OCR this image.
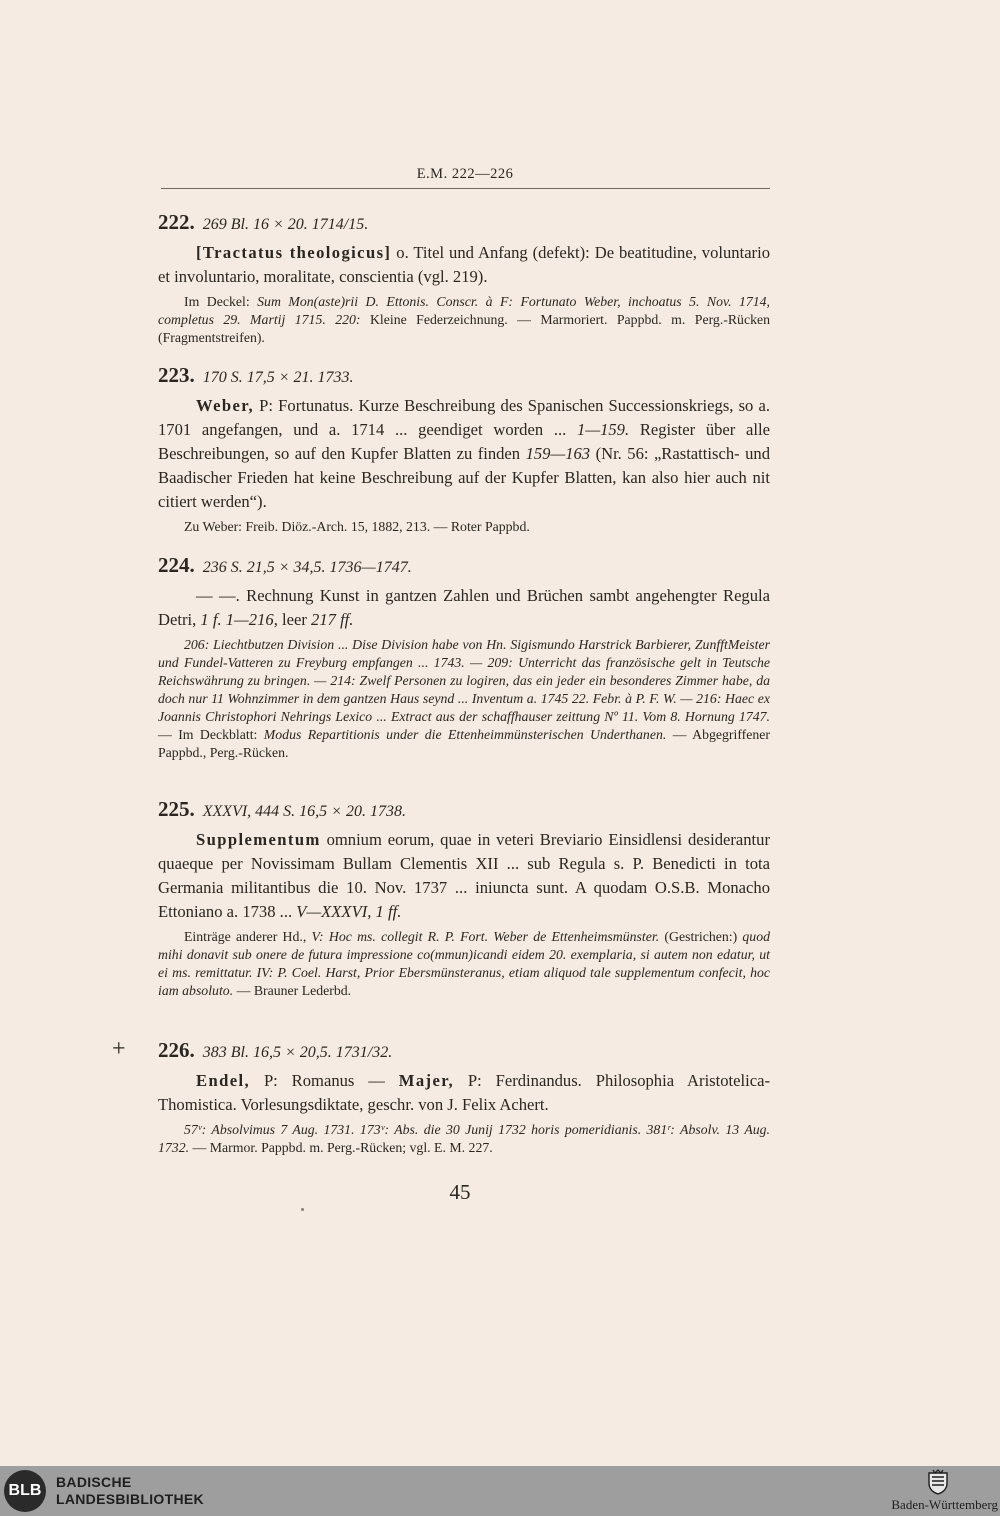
E.M. 222—226
222. 269 Bl. 16 × 20. 1714/15.
[Tractatus theologicus] o. Titel und Anfang (defekt): De beatitudine, voluntario et involuntario, moralitate, conscientia (vgl. 219).
Im Deckel: Sum Mon(aste)rii D. Ettonis. Conscr. à F: Fortunato Weber, inchoatus 5. Nov. 1714, completus 29. Martij 1715. 220: Kleine Federzeichnung. — Marmoriert. Pappbd. m. Perg.-Rücken (Fragmentstreifen).
223. 170 S. 17,5 × 21. 1733.
Weber, P: Fortunatus. Kurze Beschreibung des Spanischen Successionskriegs, so a. 1701 angefangen, und a. 1714 ... geendiget worden ... 1—159. Register über alle Beschreibungen, so auf den Kupfer Blatten zu finden 159—163 (Nr. 56: „Rastattisch- und Baadischer Frieden hat keine Beschreibung auf der Kupfer Blatten, kan also hier auch nit citiert werden“).
Zu Weber: Freib. Diöz.-Arch. 15, 1882, 213. — Roter Pappbd.
224. 236 S. 21,5 × 34,5. 1736—1747.
— —. Rechnung Kunst in gantzen Zahlen und Brüchen sambt angehengter Regula Detri, 1 f. 1—216, leer 217 ff.
206: Liechtbutzen Division ... Dise Division habe von Hn. Sigismundo Harstrick Barbierer, ZunfftMeister und Fundel-Vatteren zu Freyburg empfangen ... 1743. — 209: Unterricht das französische gelt in Teutsche Reichswährung zu bringen. — 214: Zwelf Personen zu logiren, das ein jeder ein besonderes Zimmer habe, da doch nur 11 Wohnzimmer in dem gantzen Haus seynd ... Inventum a. 1745 22. Febr. à P. F. W. — 216: Haec ex Joannis Christophori Nehrings Lexico ... Extract aus der schaffhauser zeittung Nº 11. Vom 8. Hornung 1747. — Im Deckblatt: Modus Repartitionis under die Ettenheimmünsterischen Underthanen. — Abgegriffener Pappbd., Perg.-Rücken.
225. XXXVI, 444 S. 16,5 × 20. 1738.
Supplementum omnium eorum, quae in veteri Breviario Einsidlensi desiderantur quaeque per Novissimam Bullam Clementis XII ... sub Regula s. P. Benedicti in tota Germania militantibus die 10. Nov. 1737 ... iniuncta sunt. A quodam O.S.B. Monacho Ettoniano a. 1738 ... V—XXXVI, 1 ff.
Einträge anderer Hd., V: Hoc ms. collegit R. P. Fort. Weber de Ettenheimsmünster. (Gestrichen:) quod mihi donavit sub onere de futura impressione co(mmun)icandi eidem 20. exemplaria, si autem non edatur, ut ei ms. remittatur. IV: P. Coel. Harst, Prior Ebersmünsteranus, etiam aliquod tale supplementum confecit, hoc iam absoluto. — Brauner Lederbd.
+ 226. 383 Bl. 16,5 × 20,5. 1731/32.
Endel, P: Romanus — Majer, P: Ferdinandus. Philosophia Aristotelica-Thomistica. Vorlesungsdiktate, geschr. von J. Felix Achert.
57ᵛ: Absolvimus 7 Aug. 1731. 173ᵛ: Abs. die 30 Junij 1732 horis pomeridianis. 381ʳ: Absolv. 13 Aug. 1732. — Marmor. Pappbd. m. Perg.-Rücken; vgl. E. M. 227.
45
BLB	BADISCHE
LANDESBIBLIOTHEK	Baden-Württemberg
